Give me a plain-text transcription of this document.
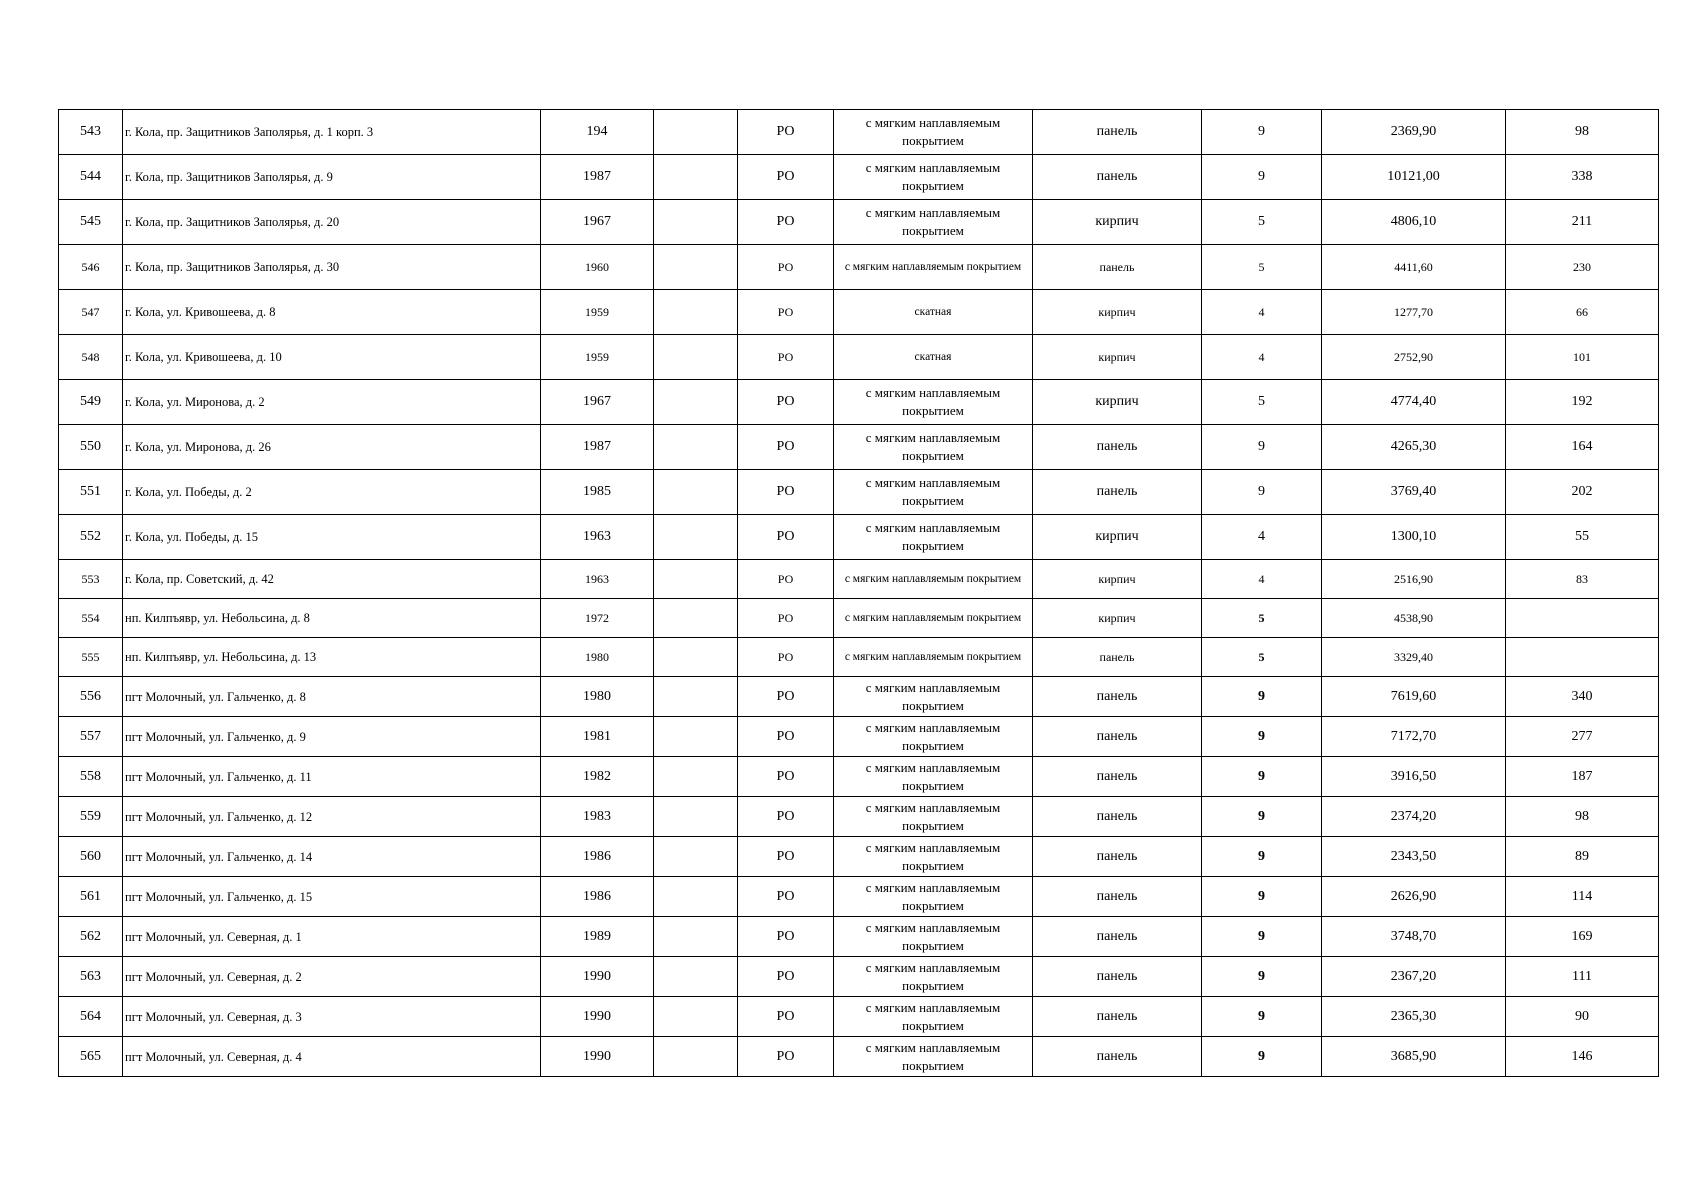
543	г. Кола, пр. Защитников Заполярья, д. 1 корп. 3	194		РО	с мягким наплавляемым покрытием	панель	9	2369,90	98
544	г. Кола, пр. Защитников Заполярья, д. 9	1987		РО	с мягким наплавляемым покрытием	панель	9	10121,00	338
545	г. Кола, пр. Защитников Заполярья, д. 20	1967		РО	с мягким наплавляемым покрытием	кирпич	5	4806,10	211
546	г. Кола, пр. Защитников Заполярья, д. 30	1960		РО	с мягким наплавляемым покрытием	панель	5	4411,60	230
547	г. Кола, ул. Кривошеева, д. 8	1959		РО	скатная	кирпич	4	1277,70	66
548	г. Кола, ул. Кривошеева, д. 10	1959		РО	скатная	кирпич	4	2752,90	101
549	г. Кола, ул. Миронова, д. 2	1967		РО	с мягким наплавляемым покрытием	кирпич	5	4774,40	192
550	г. Кола, ул. Миронова, д. 26	1987		РО	с мягким наплавляемым покрытием	панель	9	4265,30	164
551	г. Кола, ул. Победы, д. 2	1985		РО	с мягким наплавляемым покрытием	панель	9	3769,40	202
552	г. Кола, ул. Победы, д. 15	1963		РО	с мягким наплавляемым покрытием	кирпич	4	1300,10	55
553	г. Кола, пр. Советский, д. 42	1963		РО	с мягким наплавляемым покрытием	кирпич	4	2516,90	83
554	нп. Килпъявр, ул. Небольсина, д. 8	1972		РО	с мягким наплавляемым покрытием	кирпич	5	4538,90	
555	нп. Килпъявр, ул. Небольсина, д. 13	1980		РО	с мягким наплавляемым покрытием	панель	5	3329,40	
556	пгт Молочный, ул. Гальченко, д. 8	1980		РО	с мягким наплавляемым покрытием	панель	9	7619,60	340
557	пгт Молочный, ул. Гальченко, д. 9	1981		РО	с мягким наплавляемым покрытием	панель	9	7172,70	277
558	пгт Молочный, ул. Гальченко, д. 11	1982		РО	с мягким наплавляемым покрытием	панель	9	3916,50	187
559	пгт Молочный, ул. Гальченко, д. 12	1983		РО	с мягким наплавляемым покрытием	панель	9	2374,20	98
560	пгт Молочный, ул. Гальченко, д. 14	1986		РО	с мягким наплавляемым покрытием	панель	9	2343,50	89
561	пгт Молочный, ул. Гальченко, д. 15	1986		РО	с мягким наплавляемым покрытием	панель	9	2626,90	114
562	пгт Молочный, ул. Северная, д. 1	1989		РО	с мягким наплавляемым покрытием	панель	9	3748,70	169
563	пгт Молочный, ул. Северная, д. 2	1990		РО	с мягким наплавляемым покрытием	панель	9	2367,20	111
564	пгт Молочный, ул. Северная, д. 3	1990		РО	с мягким наплавляемым покрытием	панель	9	2365,30	90
565	пгт Молочный, ул. Северная, д. 4	1990		РО	с мягким наплавляемым покрытием	панель	9	3685,90	146
